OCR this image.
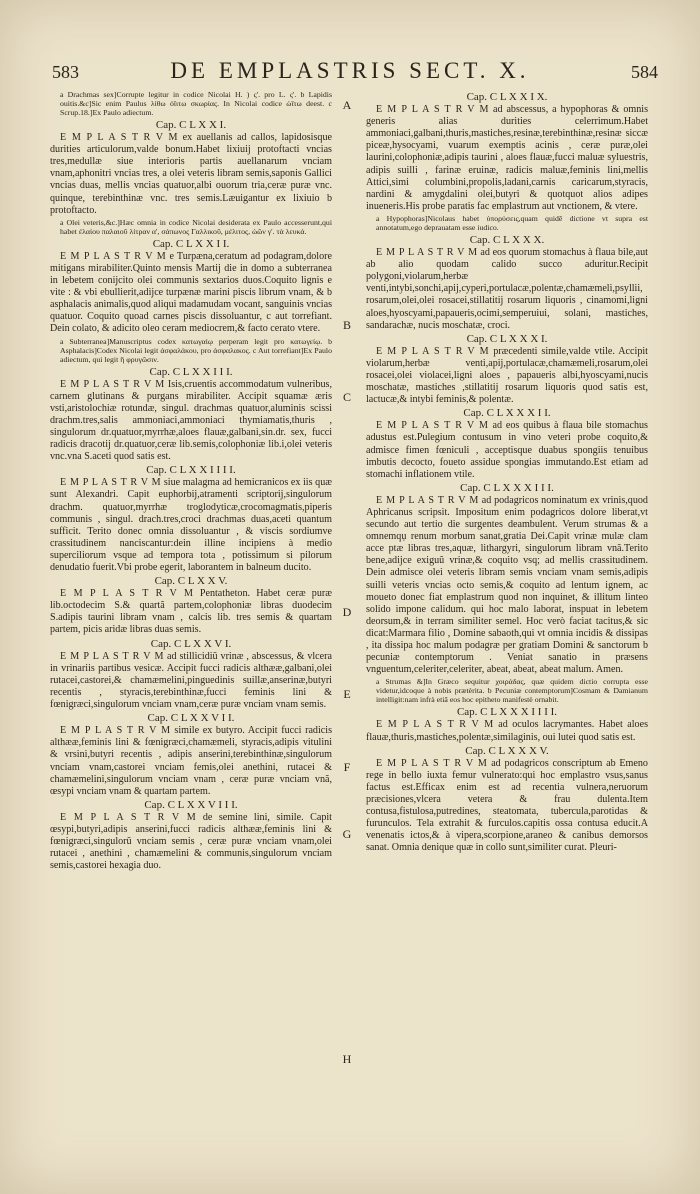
583	DE EMPLASTRIS SECT. X.	584
a Drachmas sex]Corrupte legitur in codice Nicolai H. ) ς'. pro L. ς'. b Lapidis ouitis.&c]Sic enim Paulus λίθω ὀΐιτω σκωρίας. In Nicolai codice ὠΐτω deest. c Scrup.18.]Ex Paulo adiectum.
Cap. C L X X I.
E M P L A S T R V M ex auellanis ad callos, lapidosisque durities articulorum,valde bonum.Habet lixiuij protoftacti vncias tres,medullæ siue interioris partis auellanarum vnciam vnam,aphonitri vncias tres, a olei veteris libram semis,saponis Gallici vncias duas, mellis vncias quatuor,albi ouorum tria,ceræ puræ vnc. quinque, terebinthinæ vnc. tres semis.Læuigantur ex lixiuio b protoftacto.
a Olei veteris,&c.]Hæc omnia in codice Nicolai desiderata ex Paulo accesserunt,qui habet ἐλαίου παλαιοῦ λίτραν α', σάπωνος Γαλλικοῦ, μέλιτος, ὠῶν γ'. τὰ λευκά.
Cap. C L X X I I.
E M P L A S T R V M e Turpæna,ceratum ad podagram,dolore mitigans mirabiliter.Quinto mensis Martij die in domo a subterranea in lebetem conijcito olei communis sextarios duos.Coquito lignis e vite : & vbi ebullierit,adijce turpænæ marini piscis librum vnam, & b asphalacis animalis,quod aliqui madamudam vocant, sanguinis vncias quatuor. Coquito quoad carnes piscis dissoluantur, c aut torrefiant. Dein colato, & adicito oleo ceram mediocrem,& facto cerato vtere.
a Subterranea]Manuscriptus codex κατωγαίῳ perperam legit pro κατωγείῳ. b Asphalacis]Codex Nicolai legit ἀσφαλάκου, pro ἀσφαλακος. c Aut torrefiant]Ex Paulo adiectum, qui legit ἢ φρυγῶσιν.
Cap. C L X X I I I.
E M P L A S T R V M Isis,cruentis accommodatum vulneribus, carnem glutinans & purgans mirabiliter. Accipit squamæ æris vsti,aristolochiæ rotundæ, singul. drachmas quatuor,aluminis scissi drachm.tres,salis ammoniaci,ammoniaci thymiamatis,thuris , singulorum dr.quatuor,myrrhæ,aloes flauæ,galbani,sin.dr. sex, fucci radicis dracotij dr.quatuor,ceræ lib.semis,colophoniæ lib.i,olei veteris vnc.vna S.aceti quod satis est.
Cap. C L X X I I I I.
E M P L A S T R V M siue malagma ad hemicranicos ex iis quæ sunt Alexandri. Capit euphorbij,atramenti scriptorij,singulorum drachm. quatuor,myrrhæ troglodyticæ,crocomagmatis,piperis communis , singul. drach.tres,croci drachmas duas,aceti quantum sufficit. Terito donec omnia dissoluantur , & viscis sordiumve crassitudinem nanciscantur:dein illine incipiens à medio superciliorum vsque ad tempora tota , potissimum si pilorum denudatio fuerit.Vbi probe egerit, laborantem in balneum ducito.
Cap. C L X X V.
E M P L A S T R V M Pentatheton. Habet ceræ puræ lib.octodecim S.& quartã partem,colophoniæ libras duodecim S.adipis taurini libram vnam , calcis lib. tres semis & quartam partem, picis aridæ libras duas semis.
Cap. C L X X V I.
E M P L A S T R V M ad stillicidiũ vrinæ , abscessus, & vlcera in vrinariis partibus vesicæ. Accipit fucci radicis althææ,galbani,olei rutacei,castorei,& chamæmelini,pinguedinis suillæ,anserinæ,butyri recentis , styracis,terebinthinæ,fucci feminis lini & fœnigræci,singulorum vnciam vnam,ceræ puræ vnciam vnam semis.
Cap. C L X X V I I.
E M P L A S T R V M simile ex butyro. Accipit fucci radicis althææ,feminis lini & fœnigræci,chamæmeli, styracis,adipis vitulini & vrsini,butyri recentis , adipis anserini,terebinthinæ,singulorum vnciam vnam,castorei vnciam femis,olei anethini, rutacei & chamæmelini,singulorum vnciam vnam , ceræ puræ vnciam vnã, œsypi vnciam vnam & quartam partem.
Cap. C L X X V I I I.
E M P L A S T R V M de semine lini, simile. Capit œsypi,butyri,adipis anserini,fucci radicis althææ,feminis lini & fœnigræci,singulorũ vnciam semis , ceræ puræ vnciam vnam,olei rutacei , anethini , chamæmelini & communis,singulorum vnciam semis,castorei hexagia duo.
A
B
C
D
E
F
G
H
Cap. C L X X I X.
E M P L A S T R V M ad abscessus, a hypophoras & omnis generis alias durities celerrimum.Habet ammoniaci,galbani,thuris,mastiches,resinæ,terebinthinæ,resinæ siccæ piceæ,hysocyami, vuarum exemptis acinis , ceræ puræ,olei laurini,colophoniæ,adipis taurini , aloes flauæ,fucci maluæ syluestris, adipis suilli , farinæ eruinæ, radicis maluæ,feminis lini,mellis Attici,simi columbini,propolis,ladani,carnis caricarum,styracis, nardini & amygdalini olei,butyri & quotquot alios adipes inueneris.His probe paratis fac emplastrum aut vnctionem, & vtere.
a Hypophoras]Nicolaus habet ὑπορύσεις,quam quidē dictione vt supra est annotatum,ego deprauatam esse iudico.
Cap. C L X X X.
E M P L A S T R V M ad eos quorum stomachus à flaua bile,aut ab alio quodam calido succo aduritur.Recipit polygoni,violarum,herbæ venti,intybi,sonchi,apij,cyperi,portulacæ,polentæ,chamæmeli,psyllii, rosarum,olei,olei rosacei,stillatitij rosarum liquoris , cinamomi,ligni aloes,hyoscyami,papaueris,ocimi,semperuiui, solani, mastiches, sandarachæ, nucis moschatæ, croci.
Cap. C L X X X I.
E M P L A S T R V M præcedenti simile,valde vtile. Accipit violarum,herbæ venti,apij,portulacæ,chamæmeli,rosarum,olei rosacei,olei violacei,ligni aloes , papaueris albi,hyoscyami,nucis moschatæ, mastiches ,stillatitij rosarum liquoris quod satis est, lactucæ,& intybi feminis,& polentæ.
Cap. C L X X X I I.
E M P L A S T R V M ad eos quibus à flaua bile stomachus adustus est.Pulegium contusum in vino veteri probe coquito,& admisce fimen fœniculi , acceptisque duabus spongiis tenuibus imbutis decocto, fouetо assidue spongias immutando.Est etiam ad stomachi inflationem vtile.
Cap. C L X X X I I I.
E M P L A S T R V M ad podagricos nominatum ex vrinis,quod Aphricanus scripsit. Impositum enim podagricos dolore liberat,vt secundo aut tertio die surgentes deambulent. Verum strumas & a omnemqụ renum morbum sanat,gratia Dei.Capit vrinæ mulæ clam acce ptæ libras tres,aquæ, lithargyri, singulorum libram vnã.Terito bene,adijce exiguũ vrinæ,& coquito vsq; ad mellis crassitudinem. Dein admisce olei veteris libram semis vnciam vnam semis,adipis suilli veteris vncias octo semis,& coquito ad lentum ignem, ac moueto donec fiat emplastrum quod non inquinet, & illitum linteo solido impone calidum. qui hoc malo laborat, inspuat in lebetem deorsum,& in terram similiter semel. Hoc verò faciat tacitus,& sic dicat:Marmara filio , Domine sabaoth,qui vt omnia incidis & dissipas , ita dissipa hoc malum podagræ per gratiam Domini & sanctorum b pecuniæ contemptorum . Veniat sanatio in præsens vnguentum,celeriter,celeriter, abeat, abeat, abeat malum. Amen.
a Strumas &]In Græco sequitur χοιράδας, quæ quidem dictio corrupta esse videtur,idcoque à nobis prætèrita. b Pecuniæ contemptorum]Cosmam & Damianum intelligit:nam infrà etiã eos hoc epitheto manifestè ornabit.
Cap. C L X X X I I I I.
E M P L A S T R V M ad oculos lacrymantes. Habet aloes flauæ,thuris,mastiches,polentæ,similaginis, oui lutei quod satis est.
Cap. C L X X X V.
E M P L A S T R V M ad podagricos conscriptum ab Emeno rege in bello iuxta femur vulnerato:qui hoc emplastro vsus,sanus factus est.Efficax enim est ad recentia vulnera,neruorum præcisiones,vlcera vetera & frau dulenta.Item contusa,fistulosa,putredines, steatomata, tubercula,parotidas & furunculos. Tela extrahit & furculos.capitis ossa contusa educit.A venenatis ictos,& à vipera,scorpione,araneo & canibus demorsos sanat. Omnia denique quæ in collo sunt,similiter curat. Pleuri-
